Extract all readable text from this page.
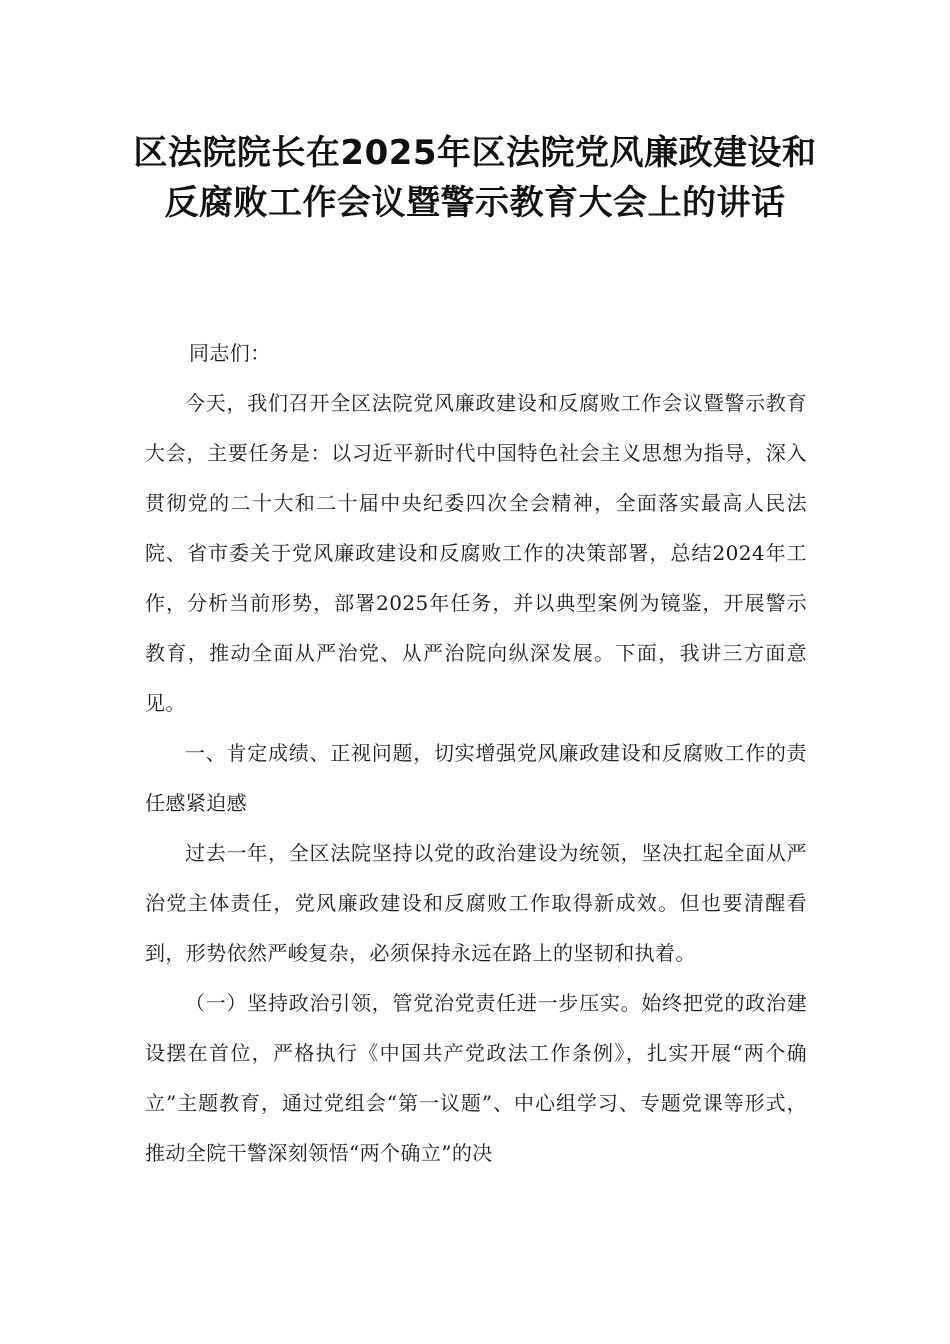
区法院院长在2025年区法院党风廉政建设和反腐败工作会议暨警示教育大会上的讲话

同志们：

今天，我们召开全区法院党风廉政建设和反腐败工作会议暨警示教育大会，主要任务是：以习近平新时代中国特色社会主义思想为指导，深入贯彻党的二十大和二十届中央纪委四次全会精神，全面落实最高人民法院、省市委关于党风廉政建设和反腐败工作的决策部署，总结2024年工作，分析当前形势，部署2025年任务，并以典型案例为镜鉴，开展警示教育，推动全面从严治党、从严治院向纵深发展。下面，我讲三方面意见。

一、肯定成绩、正视问题，切实增强党风廉政建设和反腐败工作的责任感紧迫感

过去一年，全区法院坚持以党的政治建设为统领，坚决扛起全面从严治党主体责任，党风廉政建设和反腐败工作取得新成效。但也要清醒看到，形势依然严峻复杂，必须保持永远在路上的坚韧和执着。

（一）坚持政治引领，管党治党责任进一步压实。始终把党的政治建设摆在首位，严格执行《中国共产党政法工作条例》，扎实开展“两个确立”主题教育，通过党组会“第一议题”、中心组学习、专题党课等形式，推动全院干警深刻领悟“两个确立”的决
